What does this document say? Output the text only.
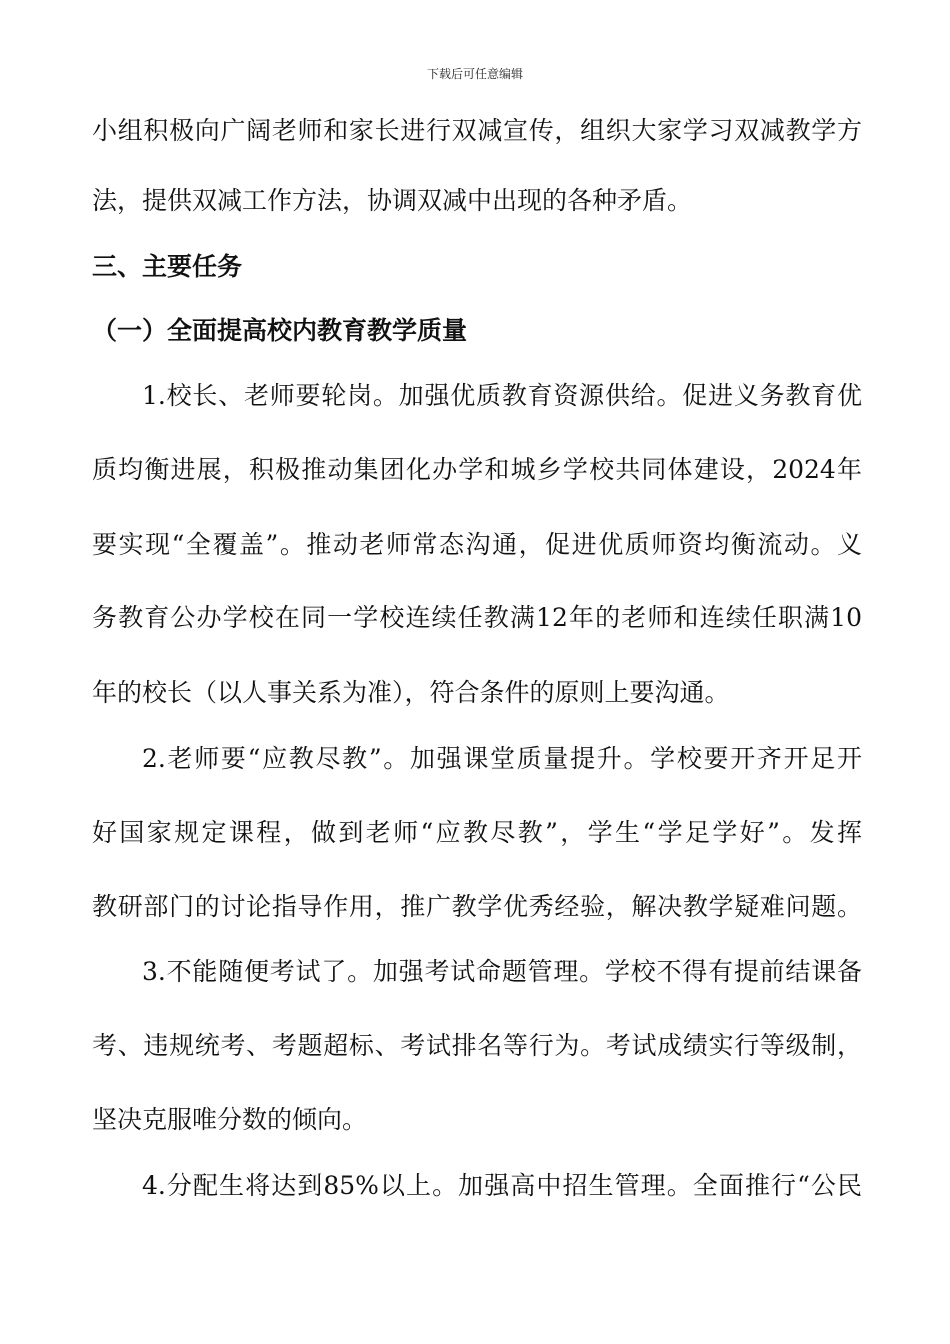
下载后可任意编辑
小组积极向广阔老师和家长进行双减宣传，组织大家学习双减教学方
法，提供双减工作方法，协调双减中出现的各种矛盾。
三、主要任务
（一）全面提高校内教育教学质量
1.校长、老师要轮岗。加强优质教育资源供给。促进义务教育优
质均衡进展，积极推动集团化办学和城乡学校共同体建设，2024年
要实现“全覆盖”。推动老师常态沟通，促进优质师资均衡流动。义
务教育公办学校在同一学校连续任教满12年的老师和连续任职满10
年的校长（以人事关系为准），符合条件的原则上要沟通。
2.老师要“应教尽教”。加强课堂质量提升。学校要开齐开足开
好国家规定课程，做到老师“应教尽教”，学生“学足学好”。发挥
教研部门的讨论指导作用，推广教学优秀经验，解决教学疑难问题。
3.不能随便考试了。加强考试命题管理。学校不得有提前结课备
考、违规统考、考题超标、考试排名等行为。考试成绩实行等级制，
坚决克服唯分数的倾向。
4.分配生将达到85%以上。加强高中招生管理。全面推行“公民
